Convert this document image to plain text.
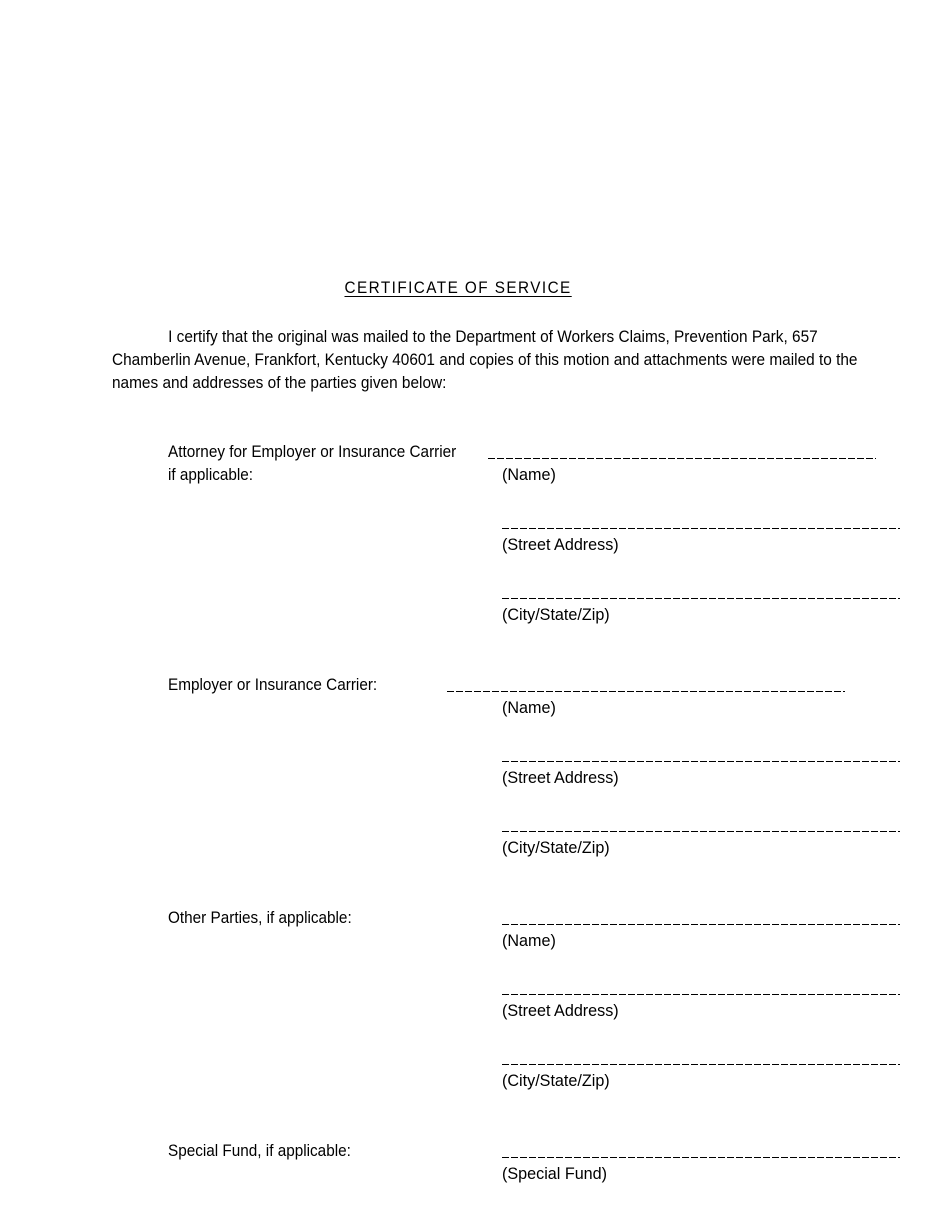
CERTIFICATE OF SERVICE
I certify that the original was mailed to the Department of Workers Claims, Prevention Park, 657
Chamberlin Avenue, Frankfort, Kentucky 40601 and copies of this motion and attachments were mailed to the
names and addresses of the parties given below:
Attorney for Employer or Insurance Carrier
if applicable:	(Name)
(Street Address)
(City/State/Zip)
Employer or Insurance Carrier:
(Name)
(Street Address)
(City/State/Zip)
Other Parties, if applicable:
(Name)
(Street Address)
(City/State/Zip)
Special Fund, if applicable:
(Special Fund)
